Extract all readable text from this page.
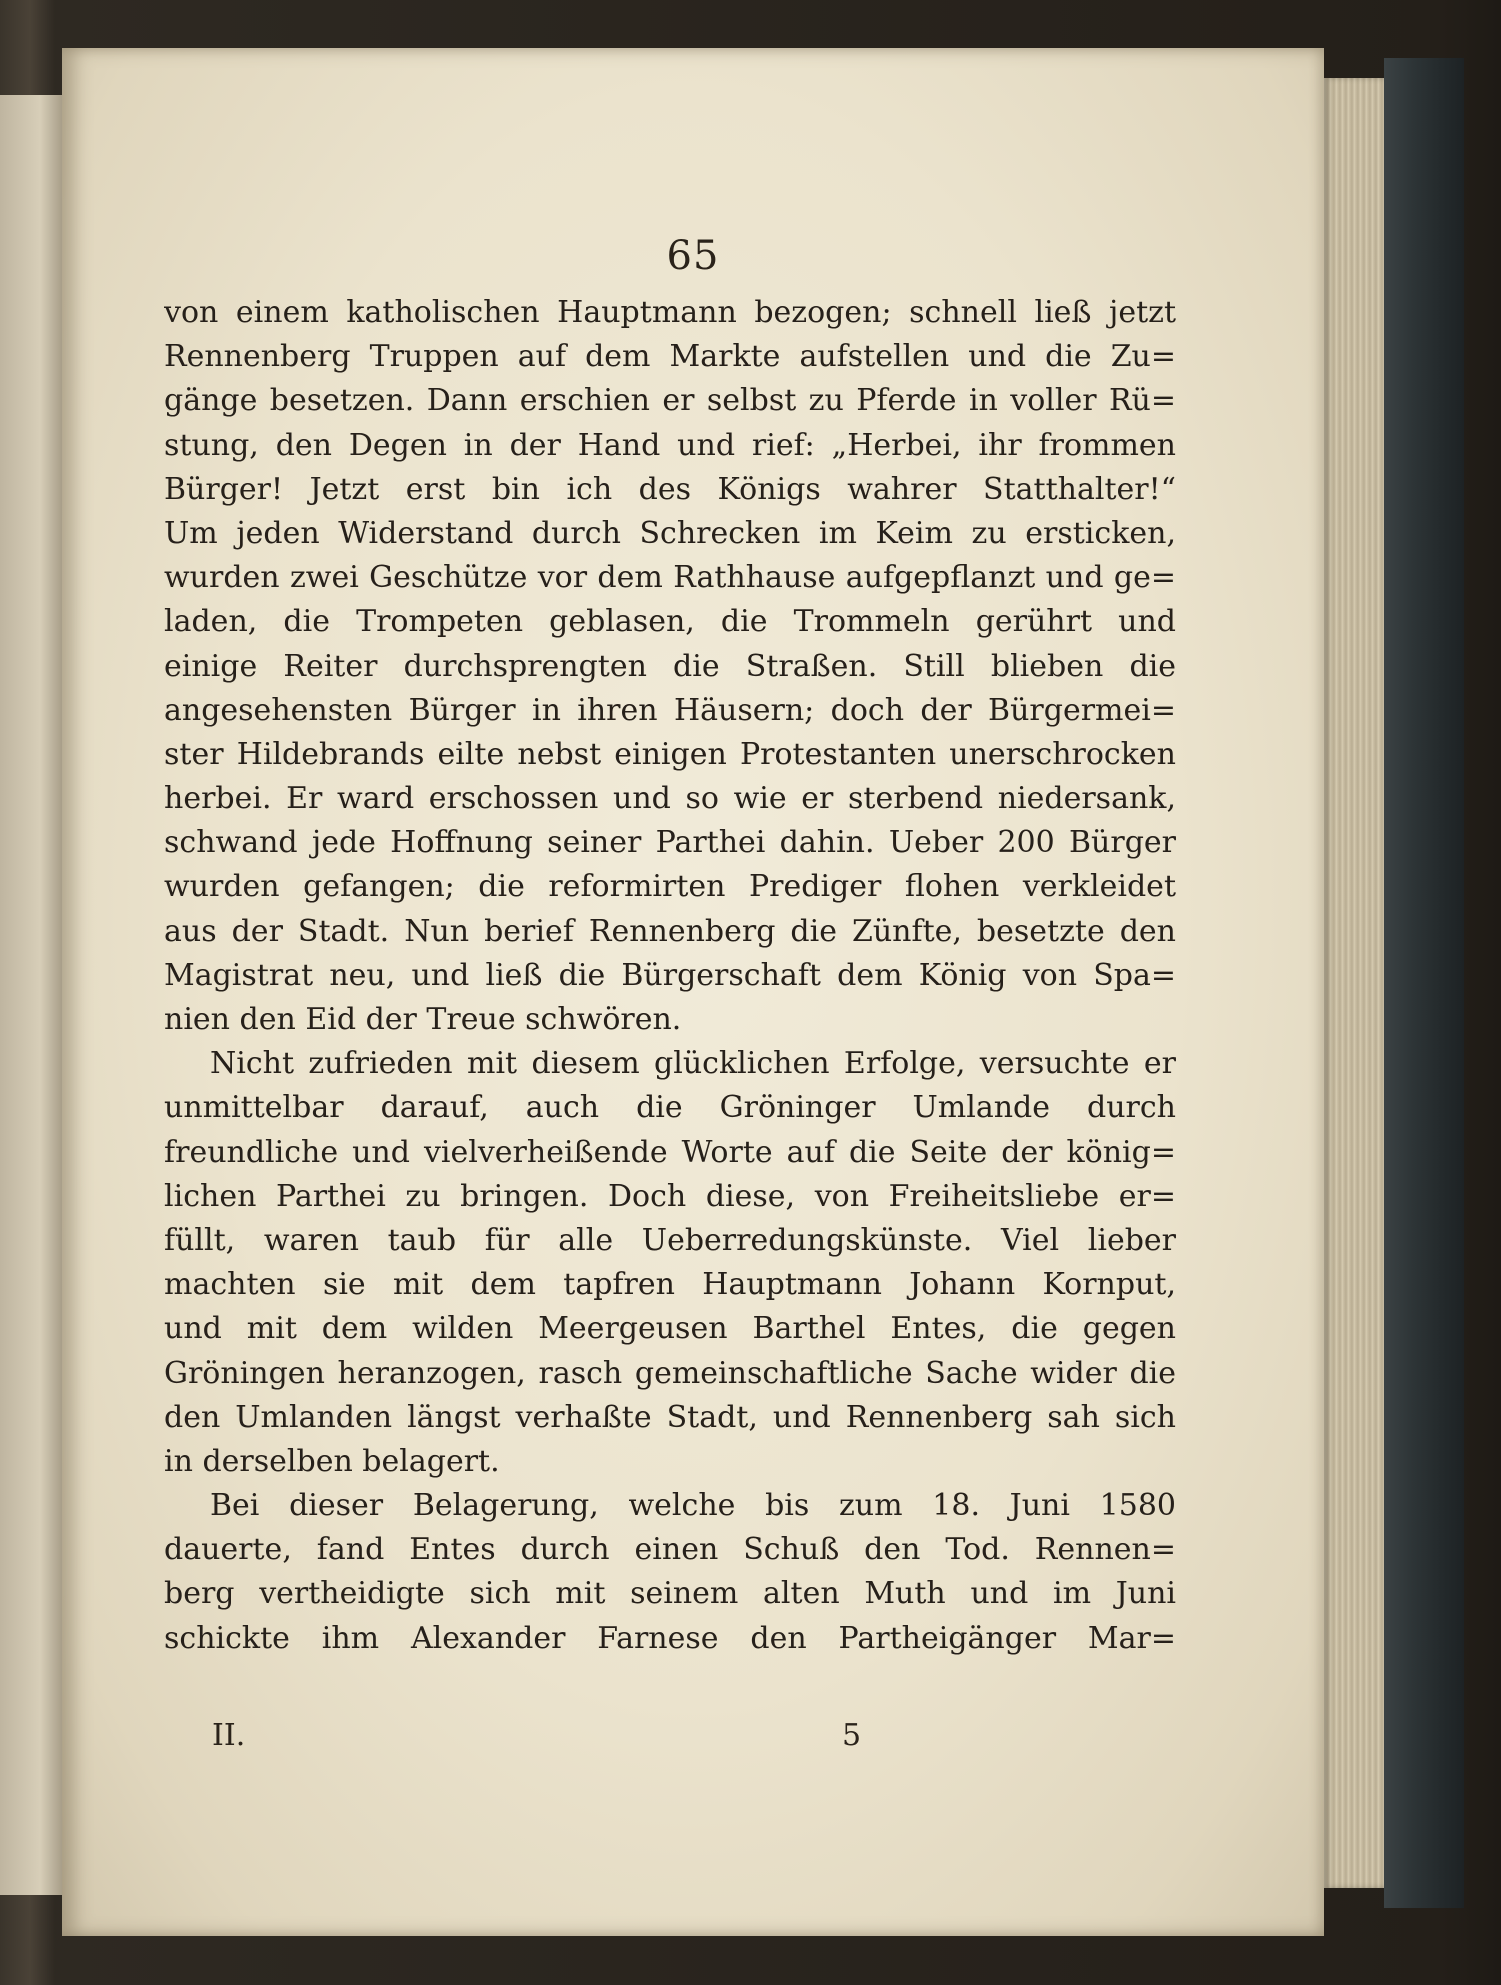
65
von einem katholischen Hauptmann bezogen; schnell ließ jetzt
Rennenberg Truppen auf dem Markte aufstellen und die Zu=
gänge besetzen. Dann erschien er selbst zu Pferde in voller Rü=
stung, den Degen in der Hand und rief: „Herbei, ihr frommen
Bürger! Jetzt erst bin ich des Königs wahrer Statthalter!“
Um jeden Widerstand durch Schrecken im Keim zu ersticken,
wurden zwei Geschütze vor dem Rathhause aufgepflanzt und ge=
laden, die Trompeten geblasen, die Trommeln gerührt und
einige Reiter durchsprengten die Straßen. Still blieben die
angesehensten Bürger in ihren Häusern; doch der Bürgermei=
ster Hildebrands eilte nebst einigen Protestanten unerschrocken
herbei. Er ward erschossen und so wie er sterbend niedersank,
schwand jede Hoffnung seiner Parthei dahin. Ueber 200 Bürger
wurden gefangen; die reformirten Prediger flohen verkleidet
aus der Stadt. Nun berief Rennenberg die Zünfte, besetzte den
Magistrat neu, und ließ die Bürgerschaft dem König von Spa=
nien den Eid der Treue schwören.
Nicht zufrieden mit diesem glücklichen Erfolge, versuchte er
unmittelbar darauf, auch die Gröninger Umlande durch
freundliche und vielverheißende Worte auf die Seite der könig=
lichen Parthei zu bringen. Doch diese, von Freiheitsliebe er=
füllt, waren taub für alle Ueberredungskünste. Viel lieber
machten sie mit dem tapfren Hauptmann Johann Kornput,
und mit dem wilden Meergeusen Barthel Entes, die gegen
Gröningen heranzogen, rasch gemeinschaftliche Sache wider die
den Umlanden längst verhaßte Stadt, und Rennenberg sah sich
in derselben belagert.
Bei dieser Belagerung, welche bis zum 18. Juni 1580
dauerte, fand Entes durch einen Schuß den Tod. Rennen=
berg vertheidigte sich mit seinem alten Muth und im Juni
schickte ihm Alexander Farnese den Partheigänger Mar=
II.	5
